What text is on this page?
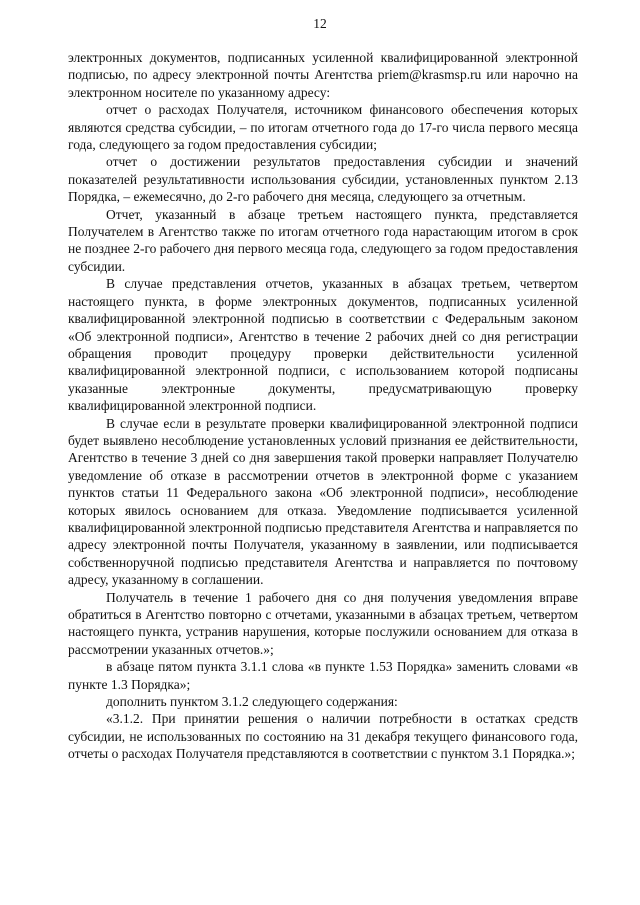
12

электронных документов, подписанных усиленной квалифицированной электронной подписью, по адресу электронной почты Агентства priem@krasmsp.ru или нарочно на электронном носителе по указанному адресу:

отчет о расходах Получателя, источником финансового обеспечения которых являются средства субсидии, – по итогам отчетного года до 17-го числа первого месяца года, следующего за годом предоставления субсидии;

отчет о достижении результатов предоставления субсидии и значений показателей результативности использования субсидии, установленных пунктом 2.13 Порядка, – ежемесячно, до 2-го рабочего дня месяца, следующего за отчетным.

Отчет, указанный в абзаце третьем настоящего пункта, представляется Получателем в Агентство также по итогам отчетного года нарастающим итогом в срок не позднее 2-го рабочего дня первого месяца года, следующего за годом предоставления субсидии.

В случае представления отчетов, указанных в абзацах третьем, четвертом настоящего пункта, в форме электронных документов, подписанных усиленной квалифицированной электронной подписью в соответствии с Федеральным законом «Об электронной подписи», Агентство в течение 2 рабочих дней со дня регистрации обращения проводит процедуру проверки действительности усиленной квалифицированной электронной подписи, с использованием которой подписаны указанные электронные документы, предусматривающую проверку квалифицированной электронной подписи.

В случае если в результате проверки квалифицированной электронной подписи будет выявлено несоблюдение установленных условий признания ее действительности, Агентство в течение 3 дней со дня завершения такой проверки направляет Получателю уведомление об отказе в рассмотрении отчетов в электронной форме с указанием пунктов статьи 11 Федерального закона «Об электронной подписи», несоблюдение которых явилось основанием для отказа. Уведомление подписывается усиленной квалифицированной электронной подписью представителя Агентства и направляется по адресу электронной почты Получателя, указанному в заявлении, или подписывается собственноручной подписью представителя Агентства и направляется по почтовому адресу, указанному в соглашении.

Получатель в течение 1 рабочего дня со дня получения уведомления вправе обратиться в Агентство повторно с отчетами, указанными в абзацах третьем, четвертом настоящего пункта, устранив нарушения, которые послужили основанием для отказа в рассмотрении указанных отчетов.»;

в абзаце пятом пункта 3.1.1 слова «в пункте 1.53 Порядка» заменить словами «в пункте 1.3 Порядка»;

дополнить пунктом 3.1.2 следующего содержания:

«3.1.2. При принятии решения о наличии потребности в остатках средств субсидии, не использованных по состоянию на 31 декабря текущего финансового года, отчеты о расходах Получателя представляются в соответствии с пунктом 3.1 Порядка.»;
